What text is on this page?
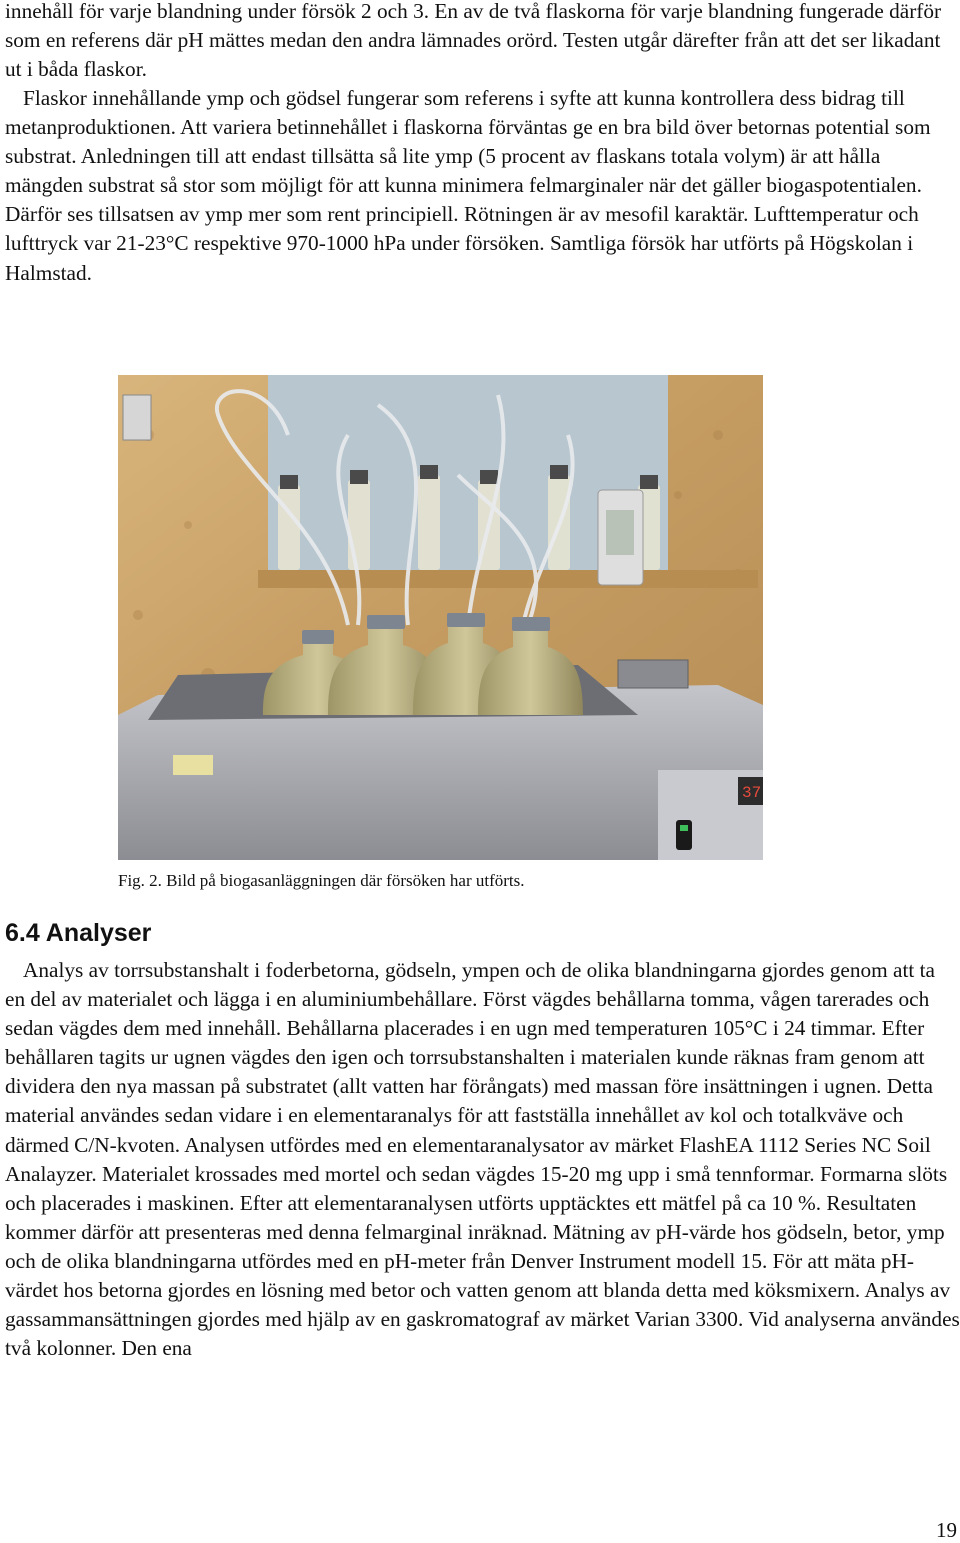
innehåll för varje blandning under försök 2 och 3. En av de två flaskorna för varje blandning fungerade därför som en referens där pH mättes medan den andra lämnades orörd. Testen utgår därefter från att det ser likadant ut i båda flaskor.

Flaskor innehållande ymp och gödsel fungerar som referens i syfte att kunna kontrollera dess bidrag till metanproduktionen. Att variera betinnehållet i flaskorna förväntas ge en bra bild över betornas potential som substrat. Anledningen till att endast tillsätta så lite ymp (5 procent av flaskans totala volym) är att hålla mängden substrat så stor som möjligt för att kunna minimera felmarginaler när det gäller biogaspotentialen. Därför ses tillsatsen av ymp mer som rent principiell. Rötningen är av mesofil karaktär. Lufttemperatur och lufttryck var 21-23°C respektive 970-1000 hPa under försöken. Samtliga försök har utförts på Högskolan i Halmstad.

37
Fig. 2. Bild på biogasanläggningen där försöken har utförts.
6.4 Analyser

Analys av torrsubstanshalt i foderbetorna, gödseln, ympen och de olika blandningarna gjordes genom att ta en del av materialet och lägga i en aluminiumbehållare. Först vägdes behållarna tomma, vågen tarerades och sedan vägdes dem med innehåll. Behållarna placerades i en ugn med temperaturen 105°C i 24 timmar. Efter behållaren tagits ur ugnen vägdes den igen och torrsubstanshalten i materialen kunde räknas fram genom att dividera den nya massan på substratet (allt vatten har förångats) med massan före insättningen i ugnen. Detta material användes sedan vidare i en elementaranalys för att fastställa innehållet av kol och totalkväve och därmed C/N-kvoten. Analysen utfördes med en elementaranalysator av märket FlashEA 1112 Series NC Soil Analayzer. Materialet krossades med mortel och sedan vägdes 15-20 mg upp i små tennformar. Formarna slöts och placerades i maskinen. Efter att elementaranalysen utförts upptäcktes ett mätfel på ca 10 %. Resultaten kommer därför att presenteras med denna felmarginal inräknad. Mätning av pH-värde hos gödseln, betor, ymp och de olika blandningarna utfördes med en pH-meter från Denver Instrument modell 15. För att mäta pH-värdet hos betorna gjordes en lösning med betor och vatten genom att blanda detta med köksmixern. Analys av gassammansättningen gjordes med hjälp av en gaskromatograf av märket Varian 3300. Vid analyserna användes två kolonner. Den ena

19
